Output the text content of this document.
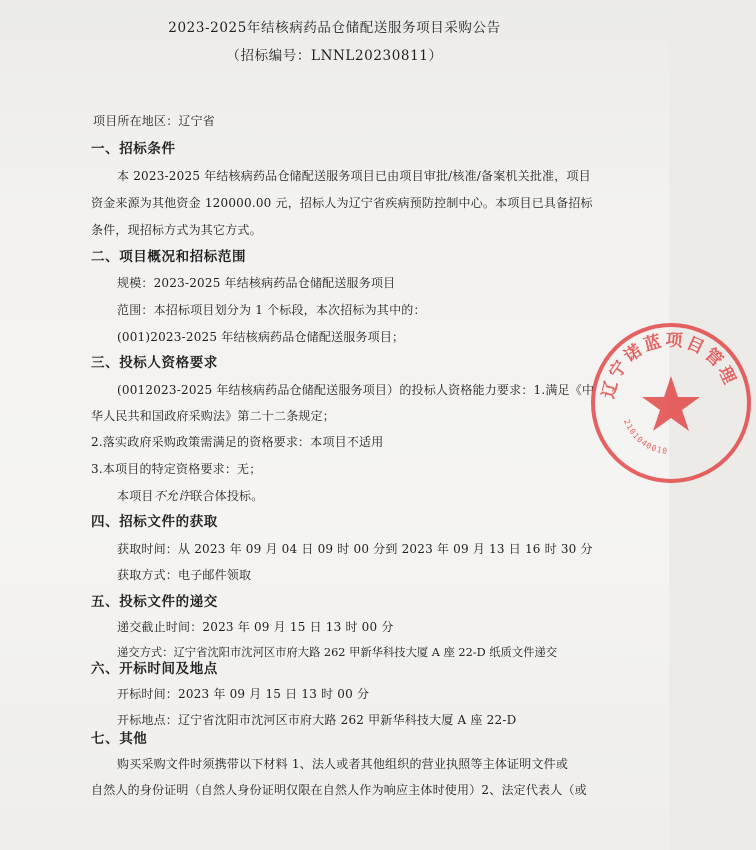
2023-2025年结核病药品仓储配送服务项目采购公告
（招标编号：LNNL20230811）
项目所在地区：辽宁省
一、招标条件
本 2023-2025 年结核病药品仓储配送服务项目已由项目审批/核准/备案机关批准，项目
资金来源为其他资金 120000.00 元，招标人为辽宁省疾病预防控制中心。本项目已具备招标
条件，现招标方式为其它方式。
二、项目概况和招标范围
规模：2023-2025 年结核病药品仓储配送服务项目
范围：本招标项目划分为 1 个标段，本次招标为其中的：
(001)2023-2025 年结核病药品仓储配送服务项目；
三、投标人资格要求
(0012023-2025 年结核病药品仓储配送服务项目）的投标人资格能力要求：1.满足《中
华人民共和国政府采购法》第二十二条规定；
2.落实政府采购政策需满足的资格要求：本项目不适用
3.本项目的特定资格要求：无；
本项目不允许联合体投标。
四、招标文件的获取
获取时间：从 2023 年 09 月 04 日 09 时 00 分到 2023 年 09 月 13 日 16 时 30 分
获取方式：电子邮件领取
五、投标文件的递交
递交截止时间：2023 年 09 月 15 日 13 时 00 分
递交方式：辽宁省沈阳市沈河区市府大路 262 甲新华科技大厦 A 座 22-D 纸质文件递交
六、开标时间及地点
开标时间：2023 年 09 月 15 日 13 时 00 分
开标地点：辽宁省沈阳市沈河区市府大路 262 甲新华科技大厦 A 座 22-D
七、其他
购买采购文件时须携带以下材料 1、法人或者其他组织的营业执照等主体证明文件或
自然人的身份证明（自然人身份证明仅限在自然人作为响应主体时使用）2、法定代表人（或
辽宁诺蓝项目管理
2101040010
